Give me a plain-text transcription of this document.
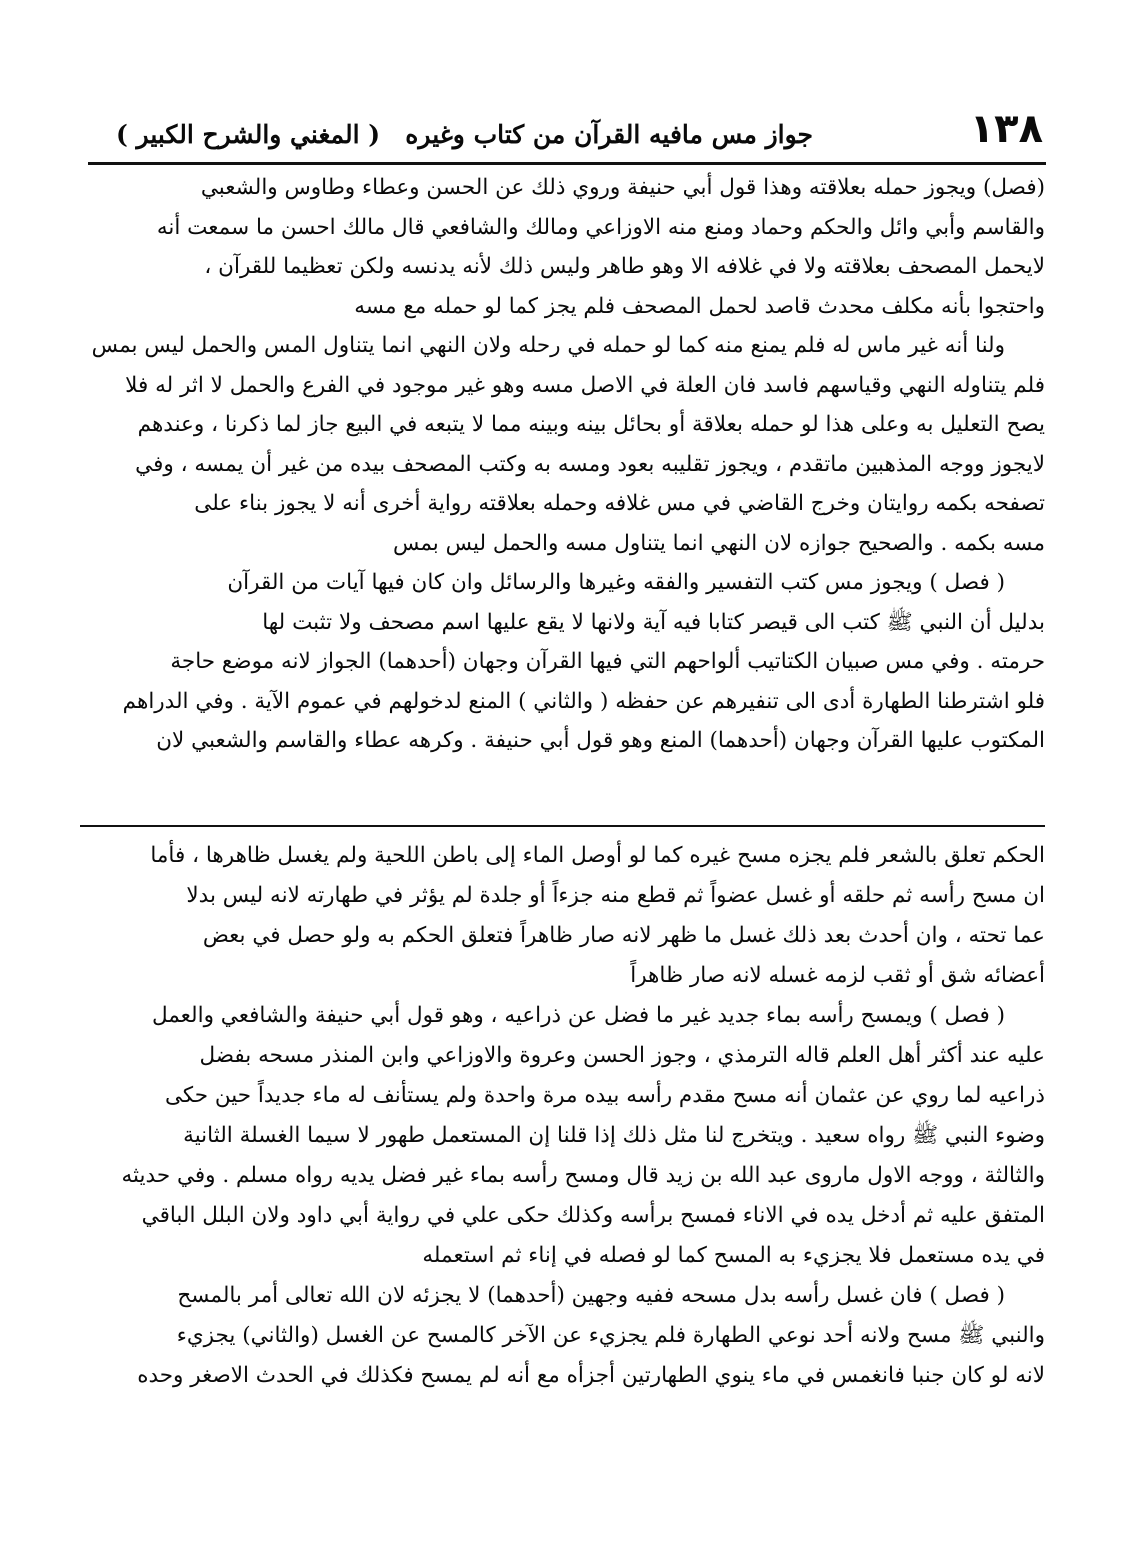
١٣٨
جواز مس مافيه القرآن من كتاب وغيره
( المغني والشرح الكبير )
(فصل) ويجوز حمله بعلاقته وهذا قول أبي حنيفة وروي ذلك عن الحسن وعطاء وطاوس والشعبي
والقاسم وأبي وائل والحكم وحماد ومنع منه الاوزاعي ومالك والشافعي قال مالك احسن ما سمعت أنه
لايحمل المصحف بعلاقته ولا في غلافه الا وهو طاهر وليس ذلك لأنه يدنسه ولكن تعظيما للقرآن ،
واحتجوا بأنه مكلف محدث قاصد لحمل المصحف فلم يجز كما لو حمله مع مسه
ولنا أنه غير ماس له فلم يمنع منه كما لو حمله في رحله ولان النهي انما يتناول المس والحمل ليس بمس
فلم يتناوله النهي وقياسهم فاسد فان العلة في الاصل مسه وهو غير موجود في الفرع والحمل لا اثر له فلا
يصح التعليل به وعلى هذا لو حمله بعلاقة أو بحائل بينه وبينه مما لا يتبعه في البيع جاز لما ذكرنا ، وعندهم
لايجوز ووجه المذهبين ماتقدم ، ويجوز تقليبه بعود ومسه به وكتب المصحف بيده من غير أن يمسه ، وفي
تصفحه بكمه روايتان وخرج القاضي في مس غلافه وحمله بعلاقته رواية أخرى أنه لا يجوز بناء على
مسه بكمه . والصحيح جوازه لان النهي انما يتناول مسه والحمل ليس بمس
( فصل ) ويجوز مس كتب التفسير والفقه وغيرها والرسائل وان كان فيها آيات من القرآن
بدليل أن النبي ﷺ كتب الى قيصر كتابا فيه آية ولانها لا يقع عليها اسم مصحف ولا تثبت لها
حرمته . وفي مس صبيان الكتاتيب ألواحهم التي فيها القرآن وجهان (أحدهما) الجواز لانه موضع حاجة
فلو اشترطنا الطهارة أدى الى تنفيرهم عن حفظه ( والثاني ) المنع لدخولهم في عموم الآية . وفي الدراهم
المكتوب عليها القرآن وجهان (أحدهما) المنع وهو قول أبي حنيفة . وكرهه عطاء والقاسم والشعبي لان
الحكم تعلق بالشعر فلم يجزه مسح غيره كما لو أوصل الماء إلى باطن اللحية ولم يغسل ظاهرها ، فأما
ان مسح رأسه ثم حلقه أو غسل عضواً ثم قطع منه جزءاً أو جلدة لم يؤثر في طهارته لانه ليس بدلا
عما تحته ، وان أحدث بعد ذلك غسل ما ظهر لانه صار ظاهراً فتعلق الحكم به ولو حصل في بعض
أعضائه شق أو ثقب لزمه غسله لانه صار ظاهراً
( فصل ) ويمسح رأسه بماء جديد غير ما فضل عن ذراعيه ، وهو قول أبي حنيفة والشافعي والعمل
عليه عند أكثر أهل العلم قاله الترمذي ، وجوز الحسن وعروة والاوزاعي وابن المنذر مسحه بفضل
ذراعيه لما روي عن عثمان أنه مسح مقدم رأسه بيده مرة واحدة ولم يستأنف له ماء جديداً حين حكى
وضوء النبي ﷺ رواه سعيد . ويتخرج لنا مثل ذلك إذا قلنا إن المستعمل طهور لا سيما الغسلة الثانية
والثالثة ، ووجه الاول ماروى عبد الله بن زيد قال ومسح رأسه بماء غير فضل يديه رواه مسلم . وفي حديثه
المتفق عليه ثم أدخل يده في الاناء فمسح برأسه وكذلك حكى علي في رواية أبي داود ولان البلل الباقي
في يده مستعمل فلا يجزيء به المسح كما لو فصله في إناء ثم استعمله
( فصل ) فان غسل رأسه بدل مسحه ففيه وجهين (أحدهما) لا يجزئه لان الله تعالى أمر بالمسح
والنبي ﷺ مسح ولانه أحد نوعي الطهارة فلم يجزيء عن الآخر كالمسح عن الغسل (والثاني) يجزيء
لانه لو كان جنبا فانغمس في ماء ينوي الطهارتين أجزأه مع أنه لم يمسح فكذلك في الحدث الاصغر وحده
